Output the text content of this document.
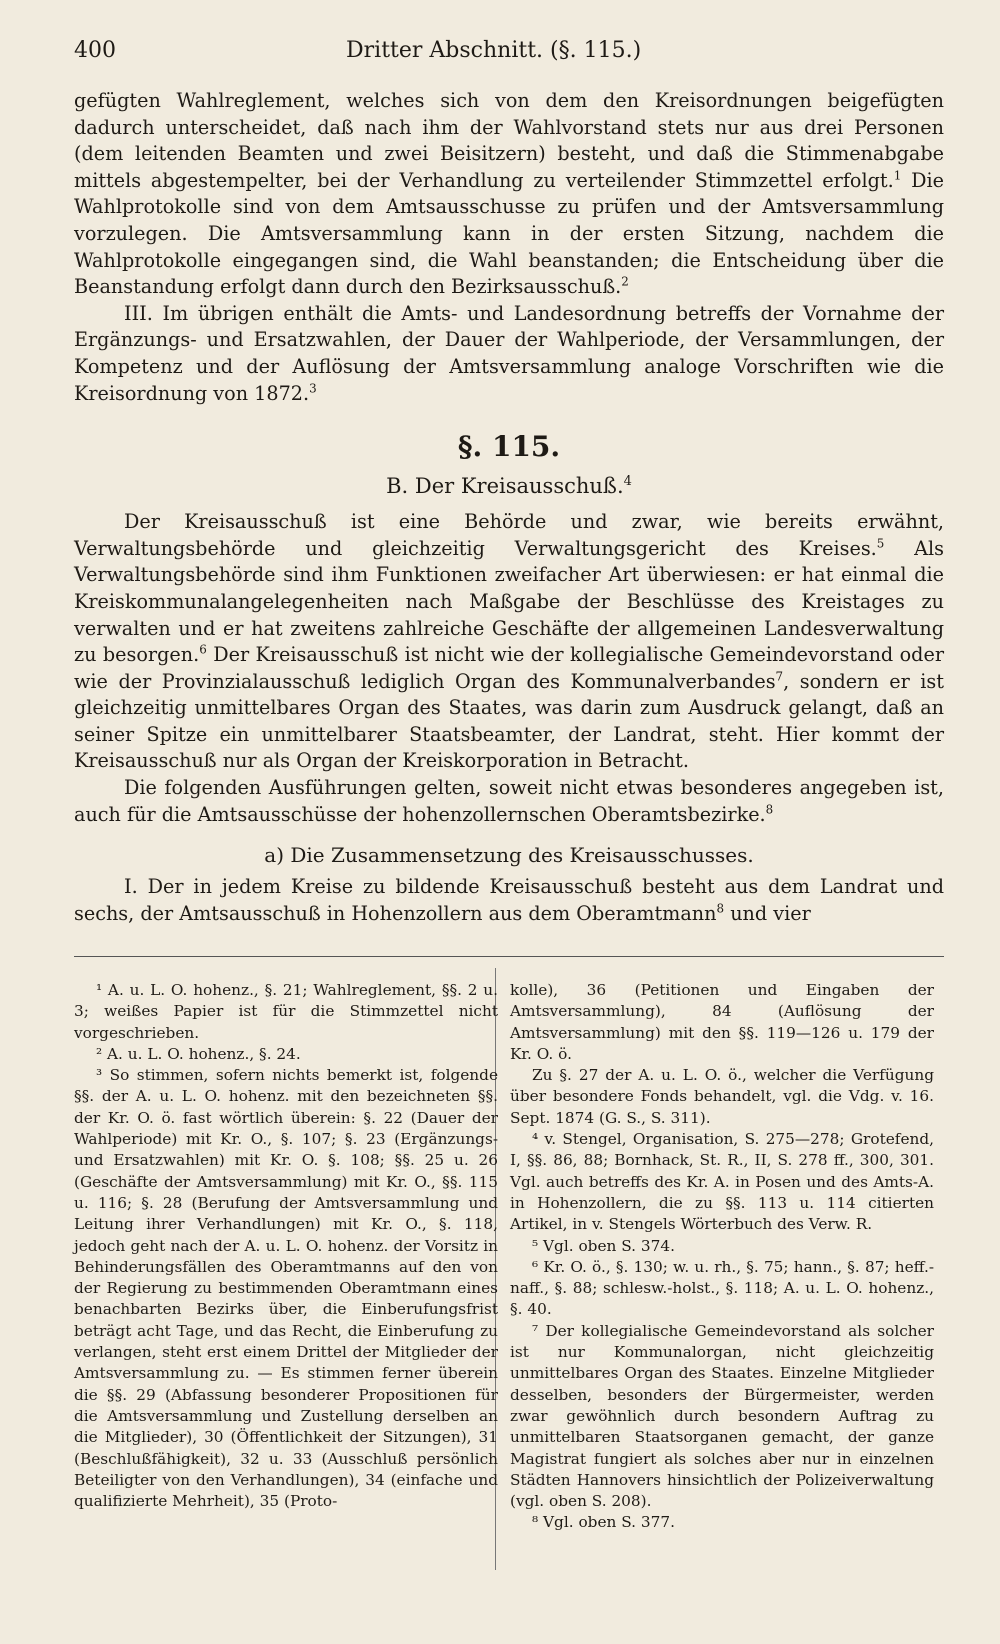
400	Dritter Abschnitt. (§. 115.)

gefügten Wahlreglement, welches sich von dem den Kreisordnungen beigefügten dadurch unterscheidet, daß nach ihm der Wahlvorstand stets nur aus drei Personen (dem leitenden Beamten und zwei Beisitzern) besteht, und daß die Stimmenabgabe mittels abgestempelter, bei der Verhandlung zu verteilender Stimmzettel erfolgt.$^1$ Die Wahlprotokolle sind von dem Amtsausschusse zu prüfen und der Amtsversammlung vorzulegen. Die Amtsversammlung kann in der ersten Sitzung, nachdem die Wahlprotokolle eingegangen sind, die Wahl beanstanden; die Entscheidung über die Beanstandung erfolgt dann durch den Bezirksausschuß.$^2$

III. Im übrigen enthält die Amts- und Landesordnung betreffs der Vornahme der Ergänzungs- und Ersatzwahlen, der Dauer der Wahlperiode, der Versammlungen, der Kompetenz und der Auflösung der Amtsversammlung analoge Vorschriften wie die Kreisordnung von 1872.$^3$

§. 115.

B. Der Kreisausschuß.$^4$

Der Kreisausschuß ist eine Behörde und zwar, wie bereits erwähnt, Verwaltungsbehörde und gleichzeitig Verwaltungsgericht des Kreises.$^5$ Als Verwaltungsbehörde sind ihm Funktionen zweifacher Art überwiesen: er hat einmal die Kreiskommunalangelegenheiten nach Maßgabe der Beschlüsse des Kreistages zu verwalten und er hat zweitens zahlreiche Geschäfte der allgemeinen Landesverwaltung zu besorgen.$^6$ Der Kreisausschuß ist nicht wie der kollegialische Gemeindevorstand oder wie der Provinzialausschuß lediglich Organ des Kommunalverbandes$^7$, sondern er ist gleichzeitig unmittelbares Organ des Staates, was darin zum Ausdruck gelangt, daß an seiner Spitze ein unmittelbarer Staatsbeamter, der Landrat, steht. Hier kommt der Kreisausschuß nur als Organ der Kreiskorporation in Betracht.

Die folgenden Ausführungen gelten, soweit nicht etwas besonderes angegeben ist, auch für die Amtsausschüsse der hohenzollernschen Oberamtsbezirke.$^8$

a) Die Zusammensetzung des Kreisausschusses.

I. Der in jedem Kreise zu bildende Kreisausschuß besteht aus dem Landrat und sechs, der Amtsausschuß in Hohenzollern aus dem Oberamtmann$^8$ und vier

¹ A. u. L. O. hohenz., §. 21; Wahlreglement, §§. 2 u. 3; weißes Papier ist für die Stimmzettel nicht vorgeschrieben.

² A. u. L. O. hohenz., §. 24.

³ So stimmen, sofern nichts bemerkt ist, folgende §§. der A. u. L. O. hohenz. mit den bezeichneten §§. der Kr. O. ö. fast wörtlich überein: §. 22 (Dauer der Wahlperiode) mit Kr. O., §. 107; §. 23 (Ergänzungs- und Ersatzwahlen) mit Kr. O. §. 108; §§. 25 u. 26 (Geschäfte der Amtsversammlung) mit Kr. O., §§. 115 u. 116; §. 28 (Berufung der Amtsversammlung und Leitung ihrer Verhandlungen) mit Kr. O., §. 118, jedoch geht nach der A. u. L. O. hohenz. der Vorsitz in Behinderungsfällen des Oberamtmanns auf den von der Regierung zu bestimmenden Oberamtmann eines benachbarten Bezirks über, die Einberufungsfrist beträgt acht Tage, und das Recht, die Einberufung zu verlangen, steht erst einem Drittel der Mitglieder der Amtsversammlung zu. — Es stimmen ferner überein die §§. 29 (Abfassung besonderer Propositionen für die Amtsversammlung und Zustellung derselben an die Mitglieder), 30 (Öffentlichkeit der Sitzungen), 31 (Beschlußfähigkeit), 32 u. 33 (Ausschluß persönlich Beteiligter von den Verhandlungen), 34 (einfache und qualifizierte Mehrheit), 35 (Proto-

kolle), 36 (Petitionen und Eingaben der Amtsversammlung), 84 (Auflösung der Amtsversammlung) mit den §§. 119—126 u. 179 der Kr. O. ö.

Zu §. 27 der A. u. L. O. ö., welcher die Verfügung über besondere Fonds behandelt, vgl. die Vdg. v. 16. Sept. 1874 (G. S., S. 311).

⁴ v. Stengel, Organisation, S. 275—278; Grotefend, I, §§. 86, 88; Bornhack, St. R., II, S. 278 ff., 300, 301. Vgl. auch betreffs des Kr. A. in Posen und des Amts-A. in Hohenzollern, die zu §§. 113 u. 114 citierten Artikel, in v. Stengels Wörterbuch des Verw. R.

⁵ Vgl. oben S. 374.

⁶ Kr. O. ö., §. 130; w. u. rh., §. 75; hann., §. 87; heff.-naff., §. 88; schlesw.-holst., §. 118; A. u. L. O. hohenz., §. 40.

⁷ Der kollegialische Gemeindevorstand als solcher ist nur Kommunalorgan, nicht gleichzeitig unmittelbares Organ des Staates. Einzelne Mitglieder desselben, besonders der Bürgermeister, werden zwar gewöhnlich durch besondern Auftrag zu unmittelbaren Staatsorganen gemacht, der ganze Magistrat fungiert als solches aber nur in einzelnen Städten Hannovers hinsichtlich der Polizeiverwaltung (vgl. oben S. 208).

⁸ Vgl. oben S. 377.
